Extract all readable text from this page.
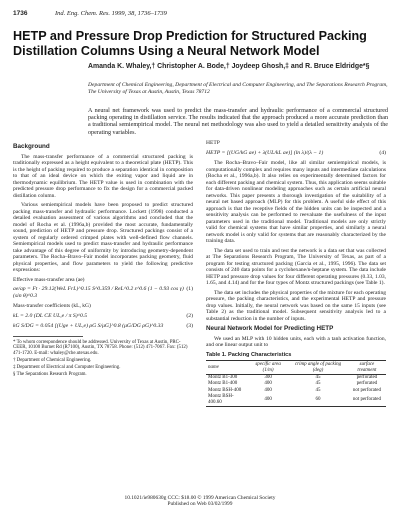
1736	Ind. Eng. Chem. Res. 1999, 38, 1736–1739
HETP and Pressure Drop Prediction for Structured Packing Distillation Columns Using a Neural Network Model
Amanda K. Whaley,† Christopher A. Bode,† Joydeep Ghosh,‡ and R. Bruce Eldridge*§
Department of Chemical Engineering, Department of Electrical and Computer Engineering, and The Separations Research Program, The University of Texas at Austin, Austin, Texas 78712
A neural net framework was used to predict the mass-transfer and hydraulic performance of a commercial structured packing operating in distillation service. The results indicated that the approach produced a more accurate prediction than a traditional semiempirical model. The neural net methodology was also used to yield a detailed sensitivity analysis of the operating variables.
Background

The mass-transfer performance of a commercial structured packing is traditionally expressed as a height equivalent to a theoretical plate (HETP). This is the height of packing required to produce a separation identical in composition to that of an ideal device on which the exiting vapor and liquid are in thermodynamic equilibrium. The HETP value is used in combination with the predicted pressure drop performance to fix the design for a commercial packed distillation column.

Various semiempirical models have been proposed to predict structured packing mass-transfer and hydraulic performance. Lockett (1998) conducted a detailed evaluation assessment of various algorithms and concluded that the model of Rocha et al. (1996a,b) provided the most accurate, fundamentally sound, prediction of HETP and pressure drop. Structured packings consist of a system of regularly ordered crimped plates with well-defined flow channels. Semiempirical models used to predict mass-transfer and hydraulic performance take advantage of this degree of uniformity by introducing geometry-dependent parameters. The Rocha–Bravo–Fair model incorporates packing geometry, fluid physical properties, and flow parameters to yield the following predictive expressions:

Effective mass-transfer area (ae)
ae/ap = Ft · 29.12(WeL FrL)^0.15 S^0.359 / ReL^0.2 ε^0.6 (1 − 0.93 cos γ)(sin θ)^0.3
(1)
Mass-transfer coefficients (kL, kG)
kL = 2.0 (DL CE UL,e / π S)^0.5	(2)
kG S/DG = 0.054 [(Uge + UL,e) ρG S/μG]^0.8 (μG/DG ρG)^0.33	(3)
* To whom correspondence should be addressed. University of Texas at Austin, PRC-CEER, 10100 Burnet Rd (R7100), Austin, TX 78758. Phone: (512) 471-7067. Fax: (512) 471-1720. E-mail: whaley@che.utexas.edu.
† Department of Chemical Engineering.
‡ Department of Electrical and Computer Engineering.
§ The Separations Research Program.
HETP
HETP = [(UG/kG ae) + λ(UL/kL ae)] (ln λ)/(λ − 1)	(4)

The Rocha–Bravo–Fair model, like all similar semiempirical models, is computationally complex and requires many inputs and intermediate calculations (Rocha et al., 1996a,b). It also relies on experimentally determined factors for each different packing and chemical system. Thus, this application seems suitable for data-driven nonlinear modeling approaches such as certain artificial neural networks. This paper presents a thorough investigation of the suitability of a neural net based approach (MLP) for this problem. A useful side effect of this approach is that the receptive fields of the hidden units can be inspected and a sensitivity analysis can be performed to reevaluate the usefulness of the input parameters used in the traditional model. Traditional models are only strictly valid for chemical systems that have similar properties, and similarly a neural network model is only valid for systems that are reasonably characterized by the training data.

The data set used to train and test the network is a data set that was collected at The Separations Research Program, The University of Texas, as part of a program for testing structured packing (Garcia et al., 1995, 1996). The data set consists of 240 data points for a cyclohexane/n-heptane system. The data include HETP and pressure drop values for four different operating pressures (0.33, 1.03, 1.65, and 4.14) and for the four types of Montz structured packings (see Table 1).

The data set includes the physical properties of the mixture for each operating pressure, the packing characteristics, and the experimental HETP and pressure drop values. Initially, the neural network was based on the same 15 inputs (see Table 2) as the traditional model. Subsequent sensitivity analysis led to a substantial reduction in the number of inputs.

Neural Network Model for Predicting HETP

We used an MLP with 10 hidden units, each with a tanh activation function, and one linear output unit to

Table 1. Packing Characteristics
name	specific area (1/m)	crimp angle of packing (deg)	surface treatment
Montz B1-300	300	45	perforated
Montz B1-400	400	45	perforated
Montz BSH-400	400	45	not perforated
Montz BSH-400.60	400	60	not perforated
10.1021/ie980630g CCC: $18.00 © 1999 American Chemical Society
Published on Web 03/02/1999
